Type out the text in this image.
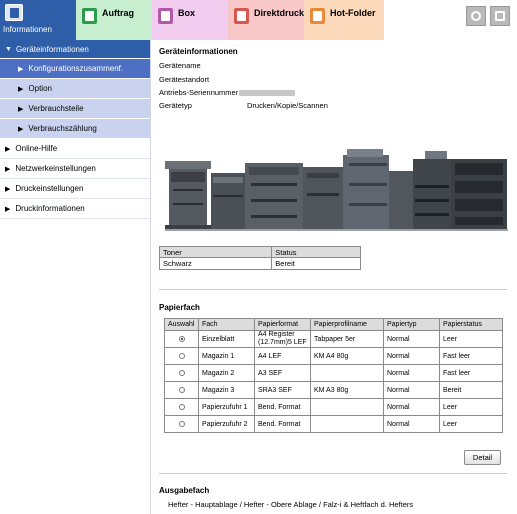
Informationen
Auftrag	Box	Direktdruck	Hot-Folder
▼ Geräteinformationen
▶ Konfigurationszusammenf.
▶ Option
▶ Verbrauchsteile
▶ Verbrauchszählung
▶ Online-Hilfe
▶ Netzwerkeinstellungen
▶ Druckeinstellungen
▶ Druckinformationen
Geräteinformationen
Gerätename
Gerätestandort
Antriebs-Seriennummer
Gerätetyp	Drucken/Kopie/Scannen
Toner	Status
Schwarz	Bereit
Papierfach
Auswahl	Fach	Papierformat	Papierprofilname	Papiertyp	Papierstatus
	Einzelblatt	A4 Register (12.7mm)5 LEF	Tabpaper 5er	Normal	Leer
	Magazin 1	A4 LEF	KM A4 80g	Normal	Fast leer
	Magazin 2	A3 SEF		Normal	Fast leer
	Magazin 3	SRA3 SEF	KM A3 80g	Normal	Bereit
	Papierzufuhr 1	Bend. Format		Normal	Leer
	Papierzufuhr 2	Bend. Format		Normal	Leer
Detail
Ausgabefach
Hefter - Hauptablage / Hefter - Obere Ablage / Falz-i & Heftfach d. Hefters
